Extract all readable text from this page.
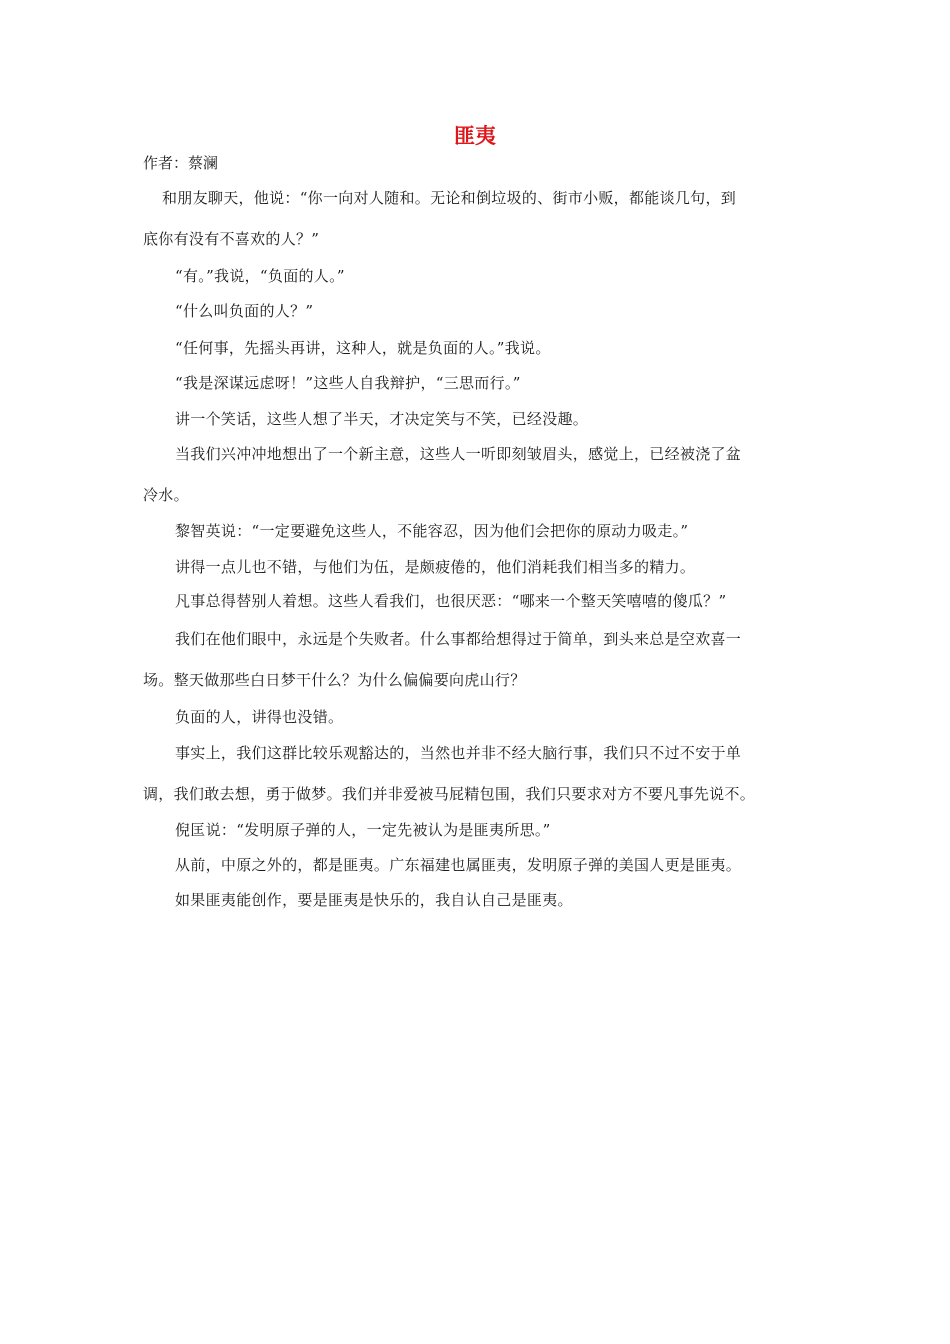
匪夷
作者：蔡澜
和朋友聊天，他说：“你一向对人随和。无论和倒垃圾的、街市小贩，都能谈几句，到
底你有没有不喜欢的人？”
“有。”我说，“负面的人。”
“什么叫负面的人？”
“任何事，先摇头再讲，这种人，就是负面的人。”我说。
“我是深谋远虑呀！”这些人自我辩护，“三思而行。”
讲一个笑话，这些人想了半天，才决定笑与不笑，已经没趣。
当我们兴冲冲地想出了一个新主意，这些人一听即刻皱眉头，感觉上，已经被浇了盆
冷水。
黎智英说：“一定要避免这些人，不能容忍，因为他们会把你的原动力吸走。”
讲得一点儿也不错，与他们为伍，是颇疲倦的，他们消耗我们相当多的精力。
凡事总得替别人着想。这些人看我们，也很厌恶：“哪来一个整天笑嘻嘻的傻瓜？”
我们在他们眼中，永远是个失败者。什么事都给想得过于简单，到头来总是空欢喜一
场。整天做那些白日梦干什么？为什么偏偏要向虎山行？
负面的人，讲得也没错。
事实上，我们这群比较乐观豁达的，当然也并非不经大脑行事，我们只不过不安于单
调，我们敢去想，勇于做梦。我们并非爱被马屁精包围，我们只要求对方不要凡事先说不。
倪匡说：“发明原子弹的人，一定先被认为是匪夷所思。”
从前，中原之外的，都是匪夷。广东福建也属匪夷，发明原子弹的美国人更是匪夷。
如果匪夷能创作，要是匪夷是快乐的，我自认自己是匪夷。
